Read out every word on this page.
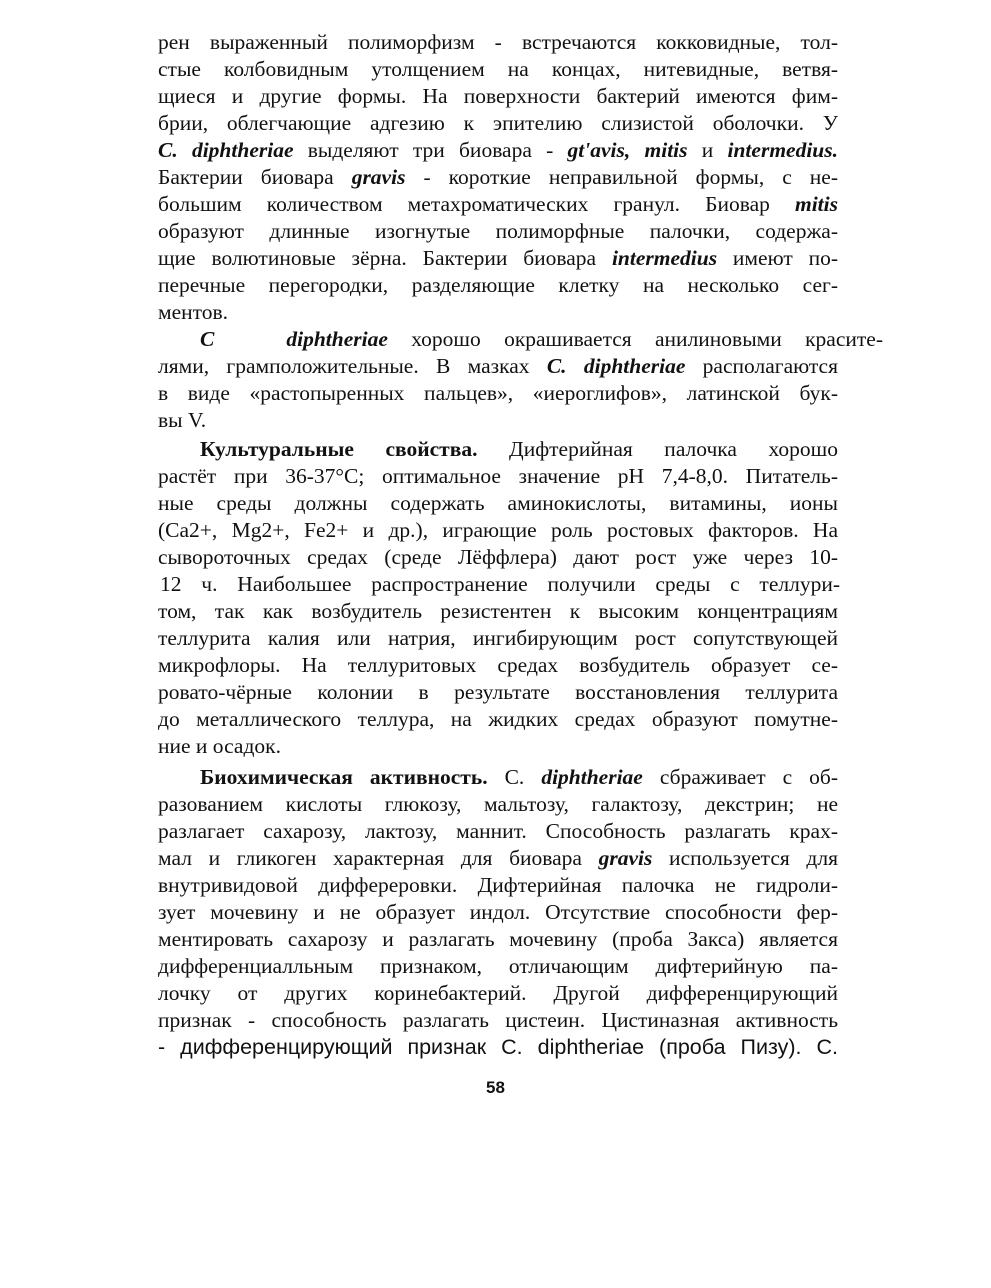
рен выраженный полиморфизм - встречаются кокковидные, тол-
стые колбовидным утолщением на концах, нитевидные, ветвя-
щиеся и другие формы. На поверхности бактерий имеются фим-
брии, облегчающие адгезию к эпителию слизистой оболочки. У
C. diphtheriae выделяют три биовара - gt'avis, mitis и intermedius.
Бактерии биовара gravis - короткие неправильной формы, с не-
большим количеством метахроматических гранул. Биовар mitis
образуют длинные изогнутые полиморфные палочки, содержа-
щие волютиновые зёрна. Бактерии биовара intermedius имеют по-
перечные перегородки, разделяющие клетку на несколько сег-
ментов.
C	diphtheriae хорошо окрашивается анилиновыми красите-
лями, грамположительные. В мазках C. diphtheriae располагаются
в виде «растопыренных пальцев», «иероглифов», латинской бук-
вы V.
Культуральные свойства. Дифтерийная палочка хорошо
растёт при 36-37°С; оптимальное значение рН 7,4-8,0. Питатель-
ные среды должны содержать аминокислоты, витамины, ионы
(Са2+, Mg2+, Fe2+ и др.), играющие роль ростовых факторов. На
сывороточных средах (среде Лёффлера) дают рост уже через 10-
12 ч. Наибольшее распространение получили среды с теллури-
том, так как возбудитель резистентен к высоким концентрациям
теллурита калия или натрия, ингибирующим рост сопутствующей
микрофлоры. На теллуритовых средах возбудитель образует се-
ровато-чёрные колонии в результате восстановления теллурита
до металлического теллура, на жидких средах образуют помутне-
ние и осадок.
Биохимическая активность. С. diphtheriae сбраживает с об-
разованием кислоты глюкозу, мальтозу, галактозу, декстрин; не
разлагает сахарозу, лактозу, маннит. Способность разлагать крах-
мал и гликоген характерная для биовара gravis используется для
внутривидовой диффереровки. Дифтерийная палочка не гидроли-
зует мочевину и не образует индол. Отсутствие способности фер-
ментировать сахарозу и разлагать мочевину (проба Закса) является
дифференциалльным признаком, отличающим дифтерийную па-
лочку от других коринебактерий. Другой дифференцирующий
признак - способность разлагать цистеин. Цистиназная активность
- дифференцирующий признак С. diphtheriae (проба Пизу). С.
58
